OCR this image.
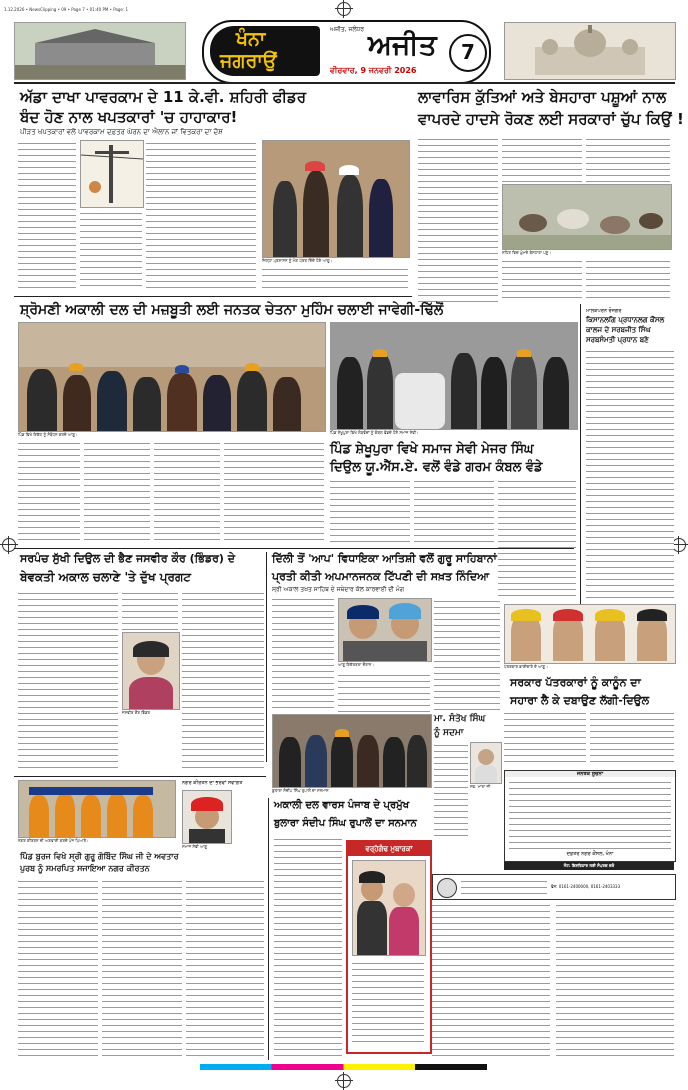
1.12.2026 • NewsClipping • 09 • Page 7 • 01:40 PM • Page: 1
ਖੰਨਾ
ਜਗਰਾਉਂ
ਅਜੀਤ, ਜਲੰਧਰ ਅਜੀਤ
ਵੀਰਵਾਰ, 9 ਜਨਵਰੀ 2026
7
ਅੱਡਾ ਦਾਖਾ ਪਾਵਰਕਾਮ ਦੇ 11 ਕੇ.ਵੀ. ਸ਼ਹਿਰੀ ਫੀਡਰ
ਬੰਦ ਹੋਣ ਨਾਲ ਖਪਤਕਾਰਾਂ 'ਚ ਹਾਹਾਕਾਰ!
ਪੀੜਤ ਖਪਤਕਾਰਾਂ ਵਲੋਂ ਪਾਵਰਕਾਮ ਦਫ਼ਤਰ ਘੇਰਨ ਦਾ ਐਲਾਨ ਜਾਂ ਵਿਤਕਰਾ ਦਾ ਦੋਸ਼
ਜ਼ਿਲ੍ਹਾ ਪ੍ਰਸ਼ਾਸਨ ਨੂੰ ਮੰਗ ਪੱਤਰ ਦਿੰਦੇ ਹੋਏ ਆਗੂ।
ਲਾਵਾਰਿਸ ਕੁੱਤਿਆਂ ਅਤੇ ਬੇਸਹਾਰਾ ਪਸ਼ੂਆਂ ਨਾਲ
ਵਾਪਰਦੇ ਹਾਦਸੇ ਰੋਕਣ ਲਈ ਸਰਕਾਰਾਂ ਚੁੱਪ ਕਿਉਂ !
ਸ਼ਹਿਰ ਵਿਚ ਘੁੰਮਦੇ ਬੇਸਹਾਰਾ ਪਸ਼ੂ।
ਸ਼੍ਰੋਮਣੀ ਅਕਾਲੀ ਦਲ ਦੀ ਮਜ਼ਬੂਤੀ ਲਈ ਜਨਤਕ ਚੇਤਨਾ ਮੁਹਿੰਮ ਚਲਾਈ ਜਾਵੇਗੀ-ਢਿੱਲੋਂ
ਪਿੰਡ ਵਿਖੇ ਇਕੱਠ ਨੂੰ ਸੰਬੋਧਨ ਕਰਦੇ ਆਗੂ।	ਪਿੰਡ ਸ਼ੇਖੂਪੁਰਾ ਵਿਖੇ ਲੋੜਵੰਦਾਂ ਨੂੰ ਕੰਬਲ ਵੰਡਦੇ ਹੋਏ ਸਮਾਜ ਸੇਵੀ।
ਪਿੰਡ ਸ਼ੇਖੂਪੁਰਾ ਵਿਖੇ ਸਮਾਜ ਸੇਵੀ ਮੇਜਰ ਸਿੰਘ
ਦਿਉਲ ਯੂ.ਐੱਸ.ਏ. ਵਲੋਂ ਵੰਡੇ ਗਰਮ ਕੰਬਲ ਵੰਡੇ
ਮਾਲਕਪਰਨ ਰੋਜਗਰ
ਕਿਸਾਨਲਗਿ ਪ੍ਰਧਾਨਲਗ ਕੌਂਸਲ
ਕਾਲਜ ਦੇ ਸਰਬਜੀਤ ਸਿੰਘ
ਸਰਬਸੰਮਤੀ ਪ੍ਰਧਾਨ ਬਣੇ
ਸਰਪੰਚ ਸੁੱਖੀ ਦਿਉਲ ਦੀ ਭੈਣ ਜਸਵੀਰ ਕੌਰ (ਭਿੰਡਰ) ਦੇ
ਬੇਵਕਤੀ ਅਕਾਲ ਚਲਾਣੇ 'ਤੇ ਦੁੱਖ ਪ੍ਰਗਟ
ਜਸਵੀਰ ਕੌਰ ਭਿੰਡਰ
ਦਿੱਲੀ ਤੋਂ 'ਆਪ' ਵਿਧਾਇਕਾ ਆਤਿਸ਼ੀ ਵਲੋਂ ਗੁਰੂ ਸਾਹਿਬਾਨਾਂ
ਪ੍ਰਤੀ ਕੀਤੀ ਅਪਮਾਨਜਨਕ ਟਿੱਪਣੀ ਦੀ ਸਖ਼ਤ ਨਿੰਦਿਆ
ਸ੍ਰੀ ਅਕਾਲ ਤਖ਼ਤ ਸਾਹਿਬ ਦੇ ਜਥੇਦਾਰ ਕੋਲ ਕਾਰਵਾਈ ਦੀ ਮੰਗ
ਆਗੂ ਇਕੱਤਰਤਾ ਦੌਰਾਨ।	ਪੱਤਰਕਾਰ ਭਾਈਚਾਰੇ ਦੇ ਆਗੂ।
ਸਰਕਾਰ ਪੱਤਰਕਾਰਾਂ ਨੂੰ ਕਾਨੂੰਨ ਦਾ
ਸਹਾਰਾ ਲੈ ਕੇ ਦਬਾਉਣ ਲੱਗੀ-ਦਿਉਲ
ਮਾ. ਸੰਤੋਖ ਸਿੰਘ
ਨੂੰ ਸਦਮਾ
ਸਵ. ਮਾਤਾ ਜੀ
ਬੁਲਾਰਾ ਸੰਦੀਪ ਸਿੰਘ ਰੁਪਾਲੋਂ ਦਾ ਸਨਮਾਨ
ਨਗਰ ਕੀਰਤਨ ਦਾ ਭਰਵਾਂ ਸਵਾਗਤ
ਨਗਰ ਕੀਰਤਨ ਦੀ ਅਗਵਾਈ ਕਰਦੇ ਪੰਜ ਪਿਆਰੇ।
ਸਮਾਜ ਸੇਵੀ ਆਗੂ
ਪਿੰਡ ਬੁਰਜ ਵਿਖੇ ਸ੍ਰੀ ਗੁਰੂ ਗੋਬਿੰਦ ਸਿੰਘ ਜੀ ਦੇ ਅਵਤਾਰ
ਪੁਰਬ ਨੂੰ ਸਮਰਪਿਤ ਸਜਾਇਆ ਨਗਰ ਕੀਰਤਨ
ਅਕਾਲੀ ਦਲ ਵਾਰਸ ਪੰਜਾਬ ਦੇ ਪ੍ਰਮੁੱਖ
ਬੁਲਾਰਾ ਸੰਦੀਪ ਸਿੰਘ ਰੁਪਾਲੋਂ ਦਾ ਸਨਮਾਨ
ਵਰ੍ਹੇਗੰਢ ਮੁਬਾਰਕਾਂ
ਜਨਤਕ ਸੂਚਨਾ
ਦਫ਼ਤਰ ਨਗਰ ਕੌਂਸਲ, ਖੰਨਾ
ਨੋਟ: ਇਸ਼ਤਿਹਾਰ ਲਈ ਸੰਪਰਕ ਕਰੋ
ਫੋਨ: 0161-2400000, 0161-2403333
